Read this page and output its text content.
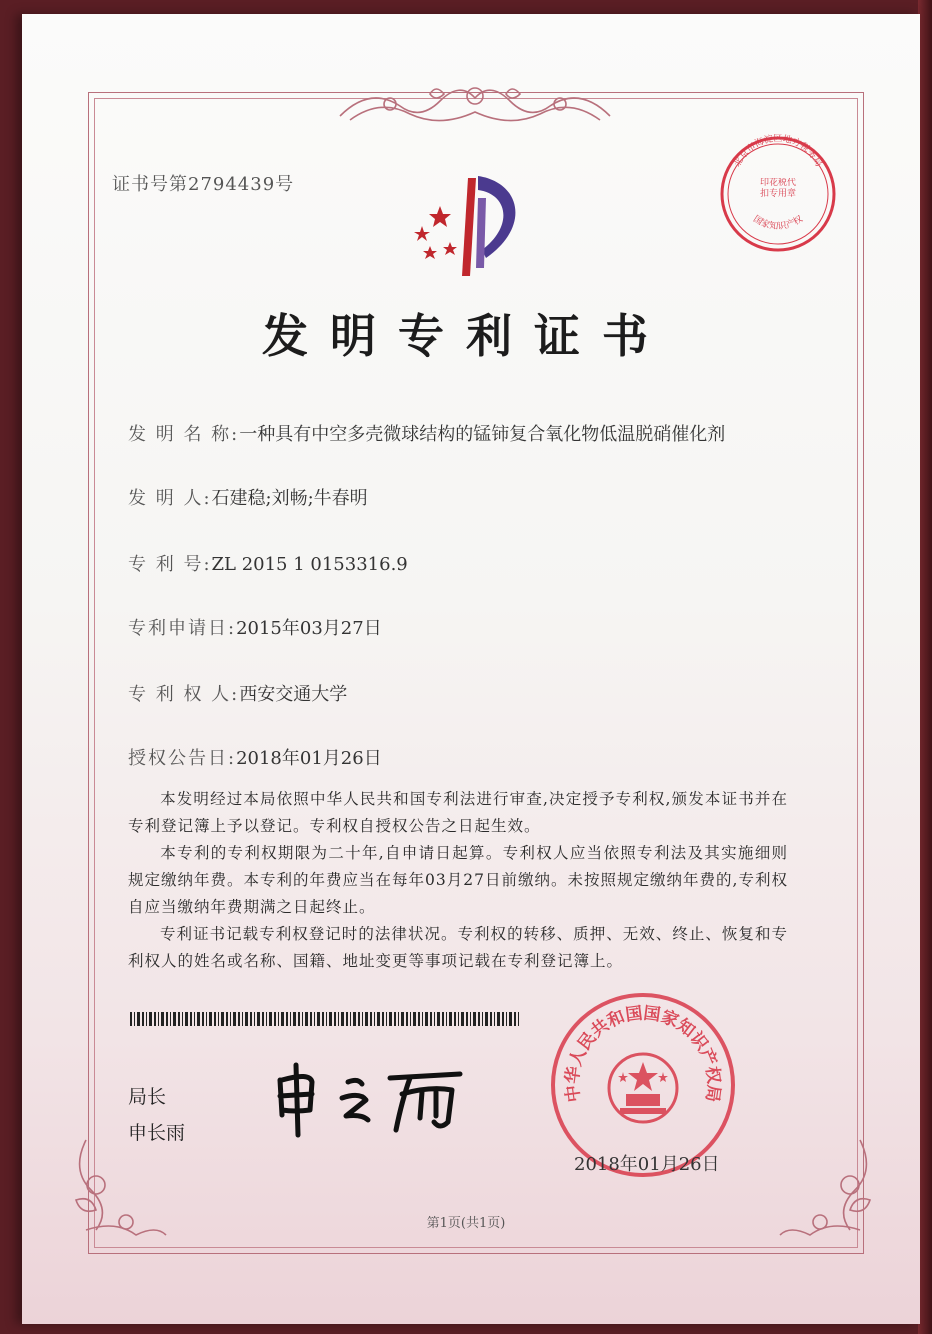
证书号第2794439号
发明专利证书
发 明 名 称:一种具有中空多壳微球结构的锰铈复合氧化物低温脱硝催化剂
发 明 人:石建稳;刘畅;牛春明
专 利 号:ZL 2015 1 0153316.9
专利申请日:2015年03月27日
专 利 权 人:西安交通大学
授权公告日:2018年01月26日
本发明经过本局依照中华人民共和国专利法进行审查,决定授予专利权,颁发本证书并在专利登记簿上予以登记。专利权自授权公告之日起生效。
本专利的专利权期限为二十年,自申请日起算。专利权人应当依照专利法及其实施细则规定缴纳年费。本专利的年费应当在每年03月27日前缴纳。未按照规定缴纳年费的,专利权自应当缴纳年费期满之日起终止。
专利证书记载专利权登记时的法律状况。专利权的转移、质押、无效、终止、恢复和专利权人的姓名或名称、国籍、地址变更等事项记载在专利登记簿上。
局长
申长雨
中华人民共和国国家知识产权局
2018年01月26日
北京市海淀区地方税务局
国家知识产权
印花税代扣专用章
第1页(共1页)
